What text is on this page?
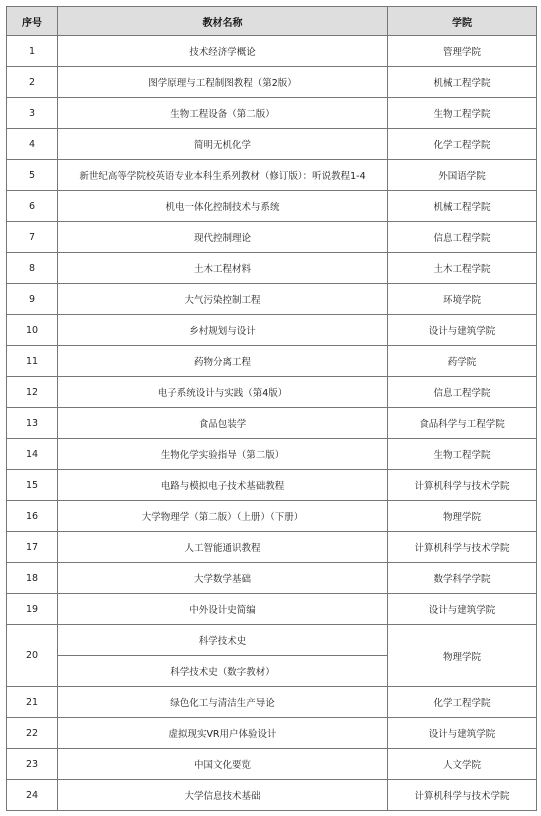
序号	教材名称	学院
1	技术经济学概论	管理学院
2	图学原理与工程制图教程（第2版）	机械工程学院
3	生物工程设备（第二版）	生物工程学院
4	简明无机化学	化学工程学院
5	新世纪高等学院校英语专业本科生系列教材（修订版）：听说教程1-4	外国语学院
6	机电一体化控制技术与系统	机械工程学院
7	现代控制理论	信息工程学院
8	土木工程材料	土木工程学院
9	大气污染控制工程	环境学院
10	乡村规划与设计	设计与建筑学院
11	药物分离工程	药学院
12	电子系统设计与实践（第4版）	信息工程学院
13	食品包装学	食品科学与工程学院
14	生物化学实验指导（第二版）	生物工程学院
15	电路与模拟电子技术基础教程	计算机科学与技术学院
16	大学物理学（第二版）（上册）（下册）	物理学院
17	人工智能通识教程	计算机科学与技术学院
18	大学数学基础	数学科学学院
19	中外设计史简编	设计与建筑学院
20	科学技术史	物理学院
	科学技术史（数字教材）	
21	绿色化工与清洁生产导论	化学工程学院
22	虚拟现实VR用户体验设计	设计与建筑学院
23	中国文化要览	人文学院
24	大学信息技术基础	计算机科学与技术学院
